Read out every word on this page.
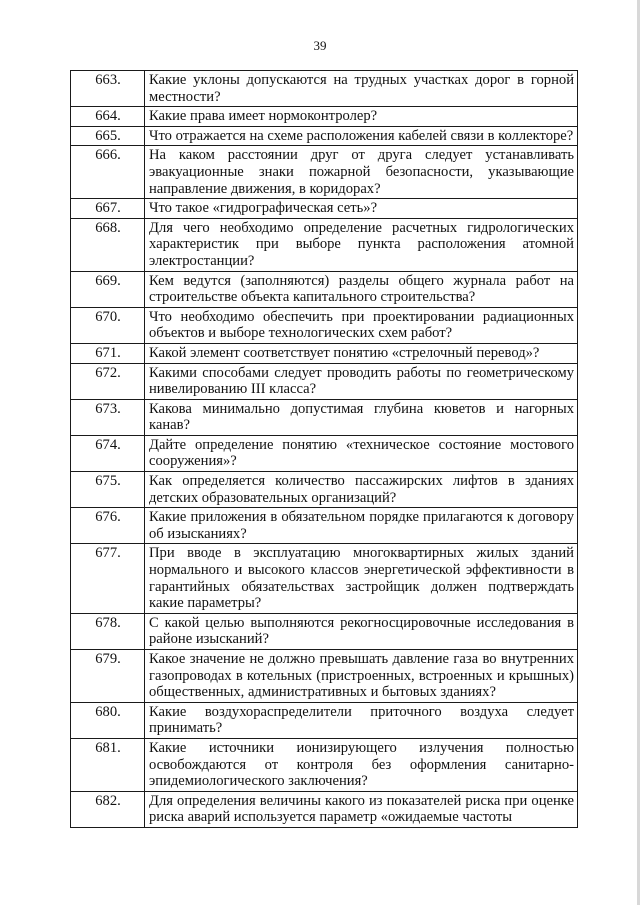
39
663.	Какие уклоны допускаются на трудных участках дорог в горной местности?
664.	Какие права имеет нормоконтролер?
665.	Что отражается на схеме расположения кабелей связи в коллекторе?
666.	На каком расстоянии друг от друга следует устанавливать эвакуационные знаки пожарной безопасности, указывающие направление движения, в коридорах?
667.	Что такое «гидрографическая сеть»?
668.	Для чего необходимо определение расчетных гидрологических характеристик при выборе пункта расположения атомной электростанции?
669.	Кем ведутся (заполняются) разделы общего журнала работ на строительстве объекта капитального строительства?
670.	Что необходимо обеспечить при проектировании радиационных объектов и выборе технологических схем работ?
671.	Какой элемент соответствует понятию «стрелочный перевод»?
672.	Какими способами следует проводить работы по геометрическому нивелированию III класса?
673.	Какова минимально допустимая глубина кюветов и нагорных канав?
674.	Дайте определение понятию «техническое состояние мостового сооружения»?
675.	Как определяется количество пассажирских лифтов в зданиях детских образовательных организаций?
676.	Какие приложения в обязательном порядке прилагаются к договору об изысканиях?
677.	При вводе в эксплуатацию многоквартирных жилых зданий нормального и высокого классов энергетической эффективности в гарантийных обязательствах застройщик должен подтверждать какие параметры?
678.	С какой целью выполняются рекогносцировочные исследования в районе изысканий?
679.	Какое значение не должно превышать давление газа во внутренних газопроводах в котельных (пристроенных, встроенных и крышных) общественных, административных и бытовых зданиях?
680.	Какие воздухораспределители приточного воздуха следует принимать?
681.	Какие источники ионизирующего излучения полностью освобождаются от контроля без оформления санитарно-эпидемиологического заключения?
682.	Для определения величины какого из показателей риска при оценке риска аварий используется параметр «ожидаемые частоты
